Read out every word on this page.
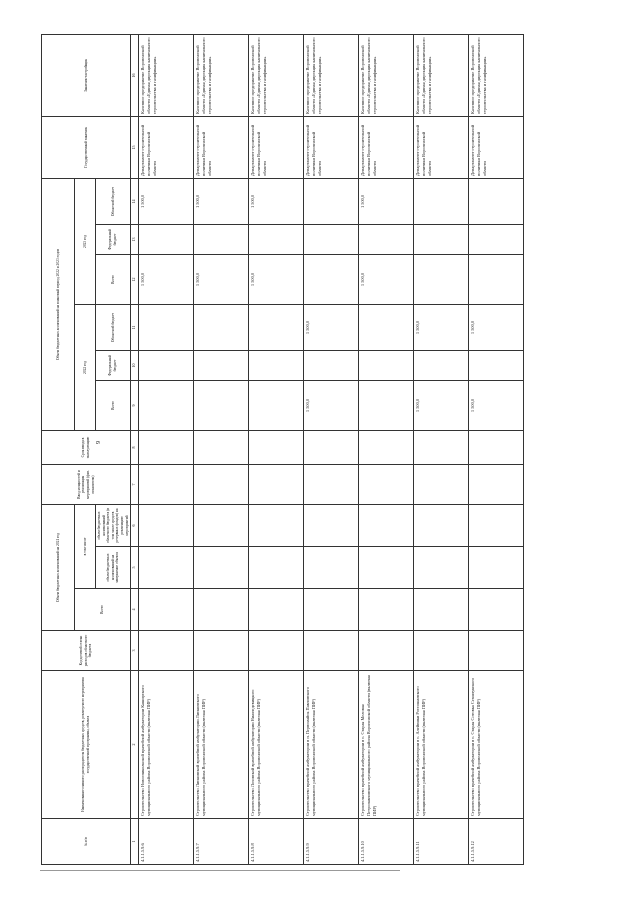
9
№ п/п	Наименование главного распорядителя бюджетных средств, реализуемого мероприятия государственной программы, объекта	Код целевой статьи расходов областного бюджета	Объем бюджетных ассигнований на 2021 год			Ввод мощностей и реализация мероприятий (физ. показатели)	Срок ввода в эксплуатацию	Объем бюджетных ассигнований на плановый период 2022 и 2023 годов						Государственный заказчик	Заказчик-застройщик
			Всего	в том числе				2022 год			2023 год				
				объем бюджетных ассигнований на завершение объекта	объем бюджетных ассигнований областного бюджета (в том числе средств резервных фондов) на реализацию мероприятий			Всего	Федеральный бюджет	Областной бюджет	Всего	Федеральный бюджет	Областной бюджет		
1	2	3	4	5	6	7	8	9	10	11	12	13	14	15	16
4.1.1.5.9.6	Строительство Новоеникольской врачебной амбулатории Каширского муниципального района Воронежской области (включая ПИР)										1 500,0		1 500,0	Департамент строительной политики Воронежской области	Казенное предприятие Воронежской области «Единая дирекция капитального строительства и газификации»
4.1.1.5.9.7	Строительство Лискинской врачебной амбулатории Лискинского муниципального района Воронежской области (включая ПИР)										1 500,0		1 500,0	Департамент строительной политики Воронежской области	Казенное предприятие Воронежской области «Единая дирекция капитального строительства и газификации»
4.1.1.5.9.8	Строительство Лозовской врачебной амбулатории Нижнедевицкого муниципального района Воронежской области (включая ПИР)										1 500,0		1 500,0	Департамент строительной политики Воронежской области	Казенное предприятие Воронежской области «Единая дирекция капитального строительства и газификации»
4.1.1.5.9.9	Строительство врачебной амбулатории в п. Первомайск Павловского муниципального района Воронежской области (включая ПИР)							1 500,0		1 500,0				Департамент строительной политики Воронежской области	Казенное предприятие Воронежской области «Единая дирекция капитального строительства и газификации»
4.1.1.5.9.10	Строительство врачебной амбулатории в с. Старая Меловая Петропавловского муниципального района Воронежской области (включая ПИР)										1 500,0		1 500,0	Департамент строительной политики Воронежской области	Казенное предприятие Воронежской области «Единая дирекция капитального строительства и газификации»
4.1.1.5.9.11	Строительство врачебной амбулатории в с. Алейники Россошанского муниципального района Воронежской области (включая ПИР)							1 500,0		1 500,0				Департамент строительной политики Воронежской области	Казенное предприятие Воронежской области «Единая дирекция капитального строительства и газификации»
4.1.1.5.9.12	Строительство врачебной амбулатории в с. Старая Сотовка Семилукского муниципального района Воронежской области (включая ПИР)							1 500,0		1 500,0				Департамент строительной политики Воронежской области	Казенное предприятие Воронежской области «Единая дирекция капитального строительства и газификации»
